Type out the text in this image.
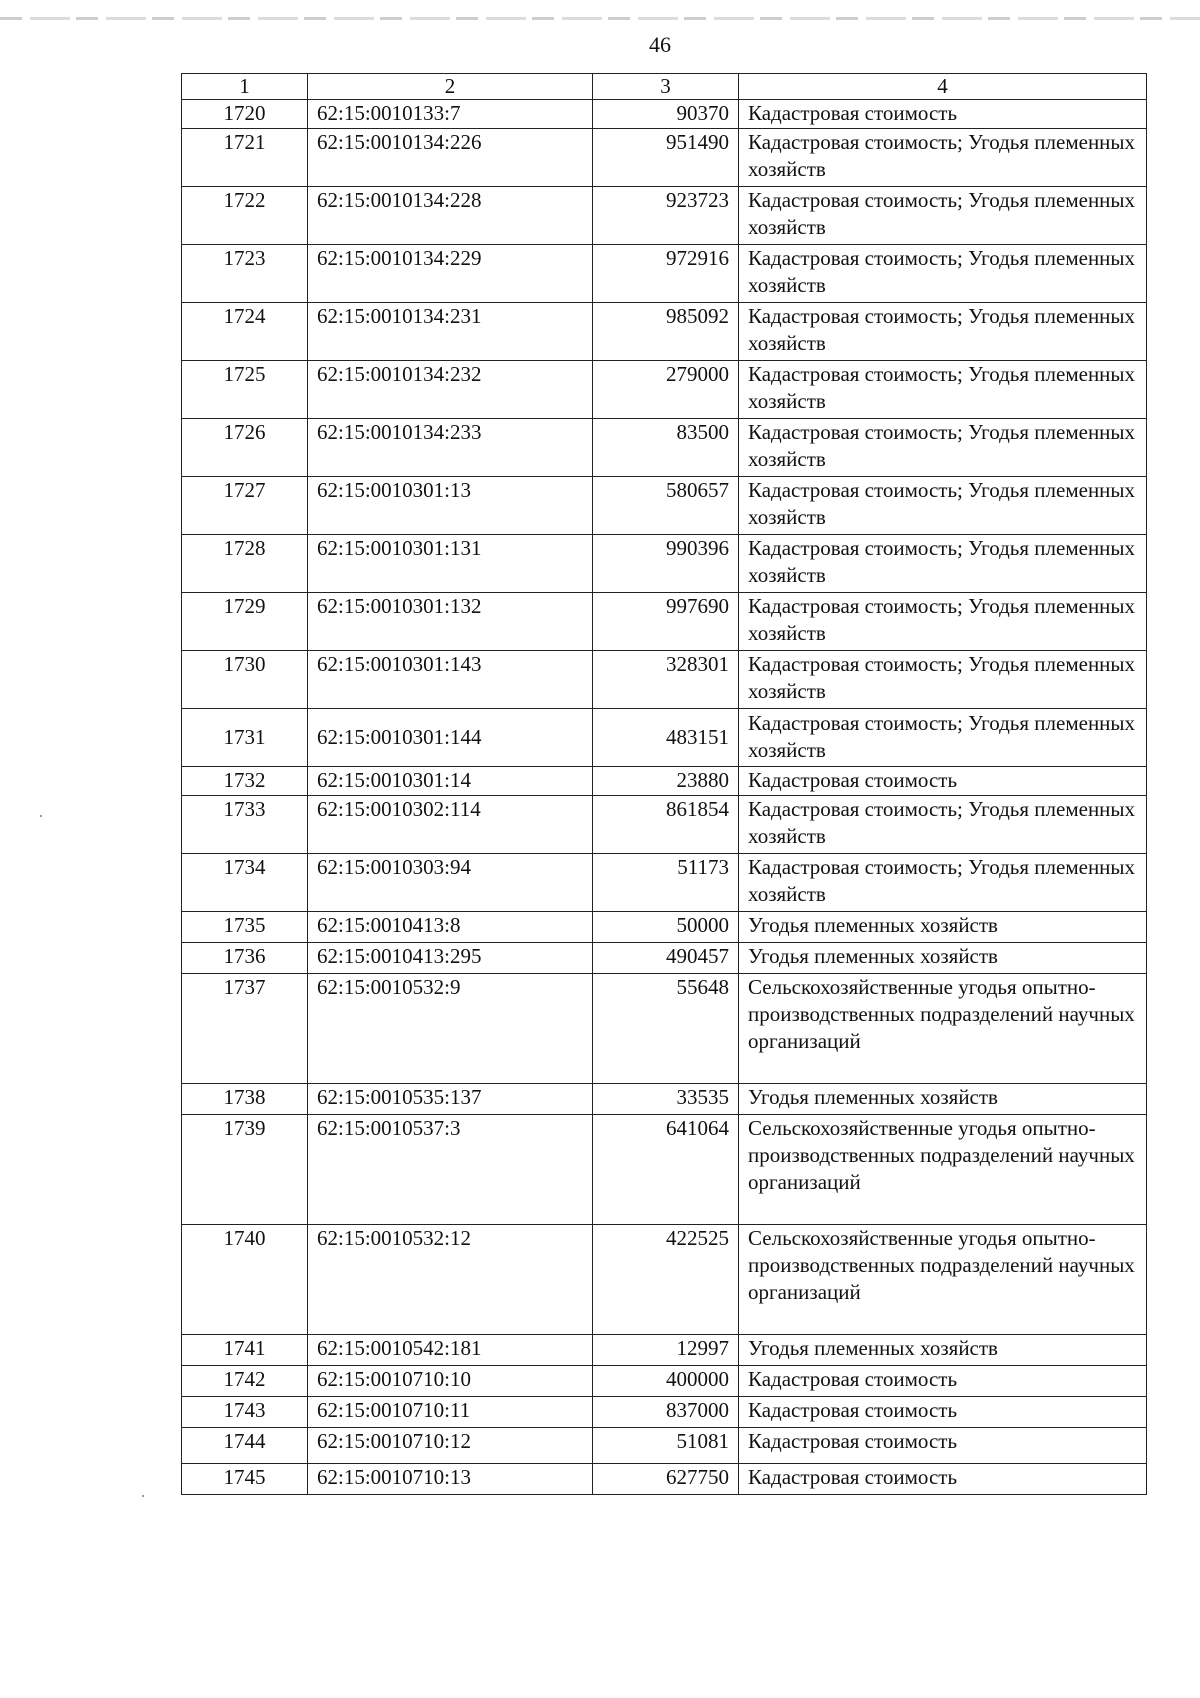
46
1	2	3	4
1720	62:15:0010133:7	90370	Кадастровая стоимость
1721	62:15:0010134:226	951490	Кадастровая стоимость; Угодья племенных хозяйств
1722	62:15:0010134:228	923723	Кадастровая стоимость; Угодья племенных хозяйств
1723	62:15:0010134:229	972916	Кадастровая стоимость; Угодья племенных хозяйств
1724	62:15:0010134:231	985092	Кадастровая стоимость; Угодья племенных хозяйств
1725	62:15:0010134:232	279000	Кадастровая стоимость; Угодья племенных хозяйств
1726	62:15:0010134:233	83500	Кадастровая стоимость; Угодья племенных хозяйств
1727	62:15:0010301:13	580657	Кадастровая стоимость; Угодья племенных хозяйств
1728	62:15:0010301:131	990396	Кадастровая стоимость; Угодья племенных хозяйств
1729	62:15:0010301:132	997690	Кадастровая стоимость; Угодья племенных хозяйств
1730	62:15:0010301:143	328301	Кадастровая стоимость; Угодья племенных хозяйств
1731	62:15:0010301:144	483151	Кадастровая стоимость; Угодья племенных хозяйств
1732	62:15:0010301:14	23880	Кадастровая стоимость
1733	62:15:0010302:114	861854	Кадастровая стоимость; Угодья племенных хозяйств
1734	62:15:0010303:94	51173	Кадастровая стоимость; Угодья племенных хозяйств
1735	62:15:0010413:8	50000	Угодья племенных хозяйств
1736	62:15:0010413:295	490457	Угодья племенных хозяйств
1737	62:15:0010532:9	55648	Сельскохозяйственные угодья опытно-производственных подразделений научных организаций
1738	62:15:0010535:137	33535	Угодья племенных хозяйств
1739	62:15:0010537:3	641064	Сельскохозяйственные угодья опытно-производственных подразделений научных организаций
1740	62:15:0010532:12	422525	Сельскохозяйственные угодья опытно-производственных подразделений научных организаций
1741	62:15:0010542:181	12997	Угодья племенных хозяйств
1742	62:15:0010710:10	400000	Кадастровая стоимость
1743	62:15:0010710:11	837000	Кадастровая стоимость
1744	62:15:0010710:12	51081	Кадастровая стоимость
1745	62:15:0010710:13	627750	Кадастровая стоимость
